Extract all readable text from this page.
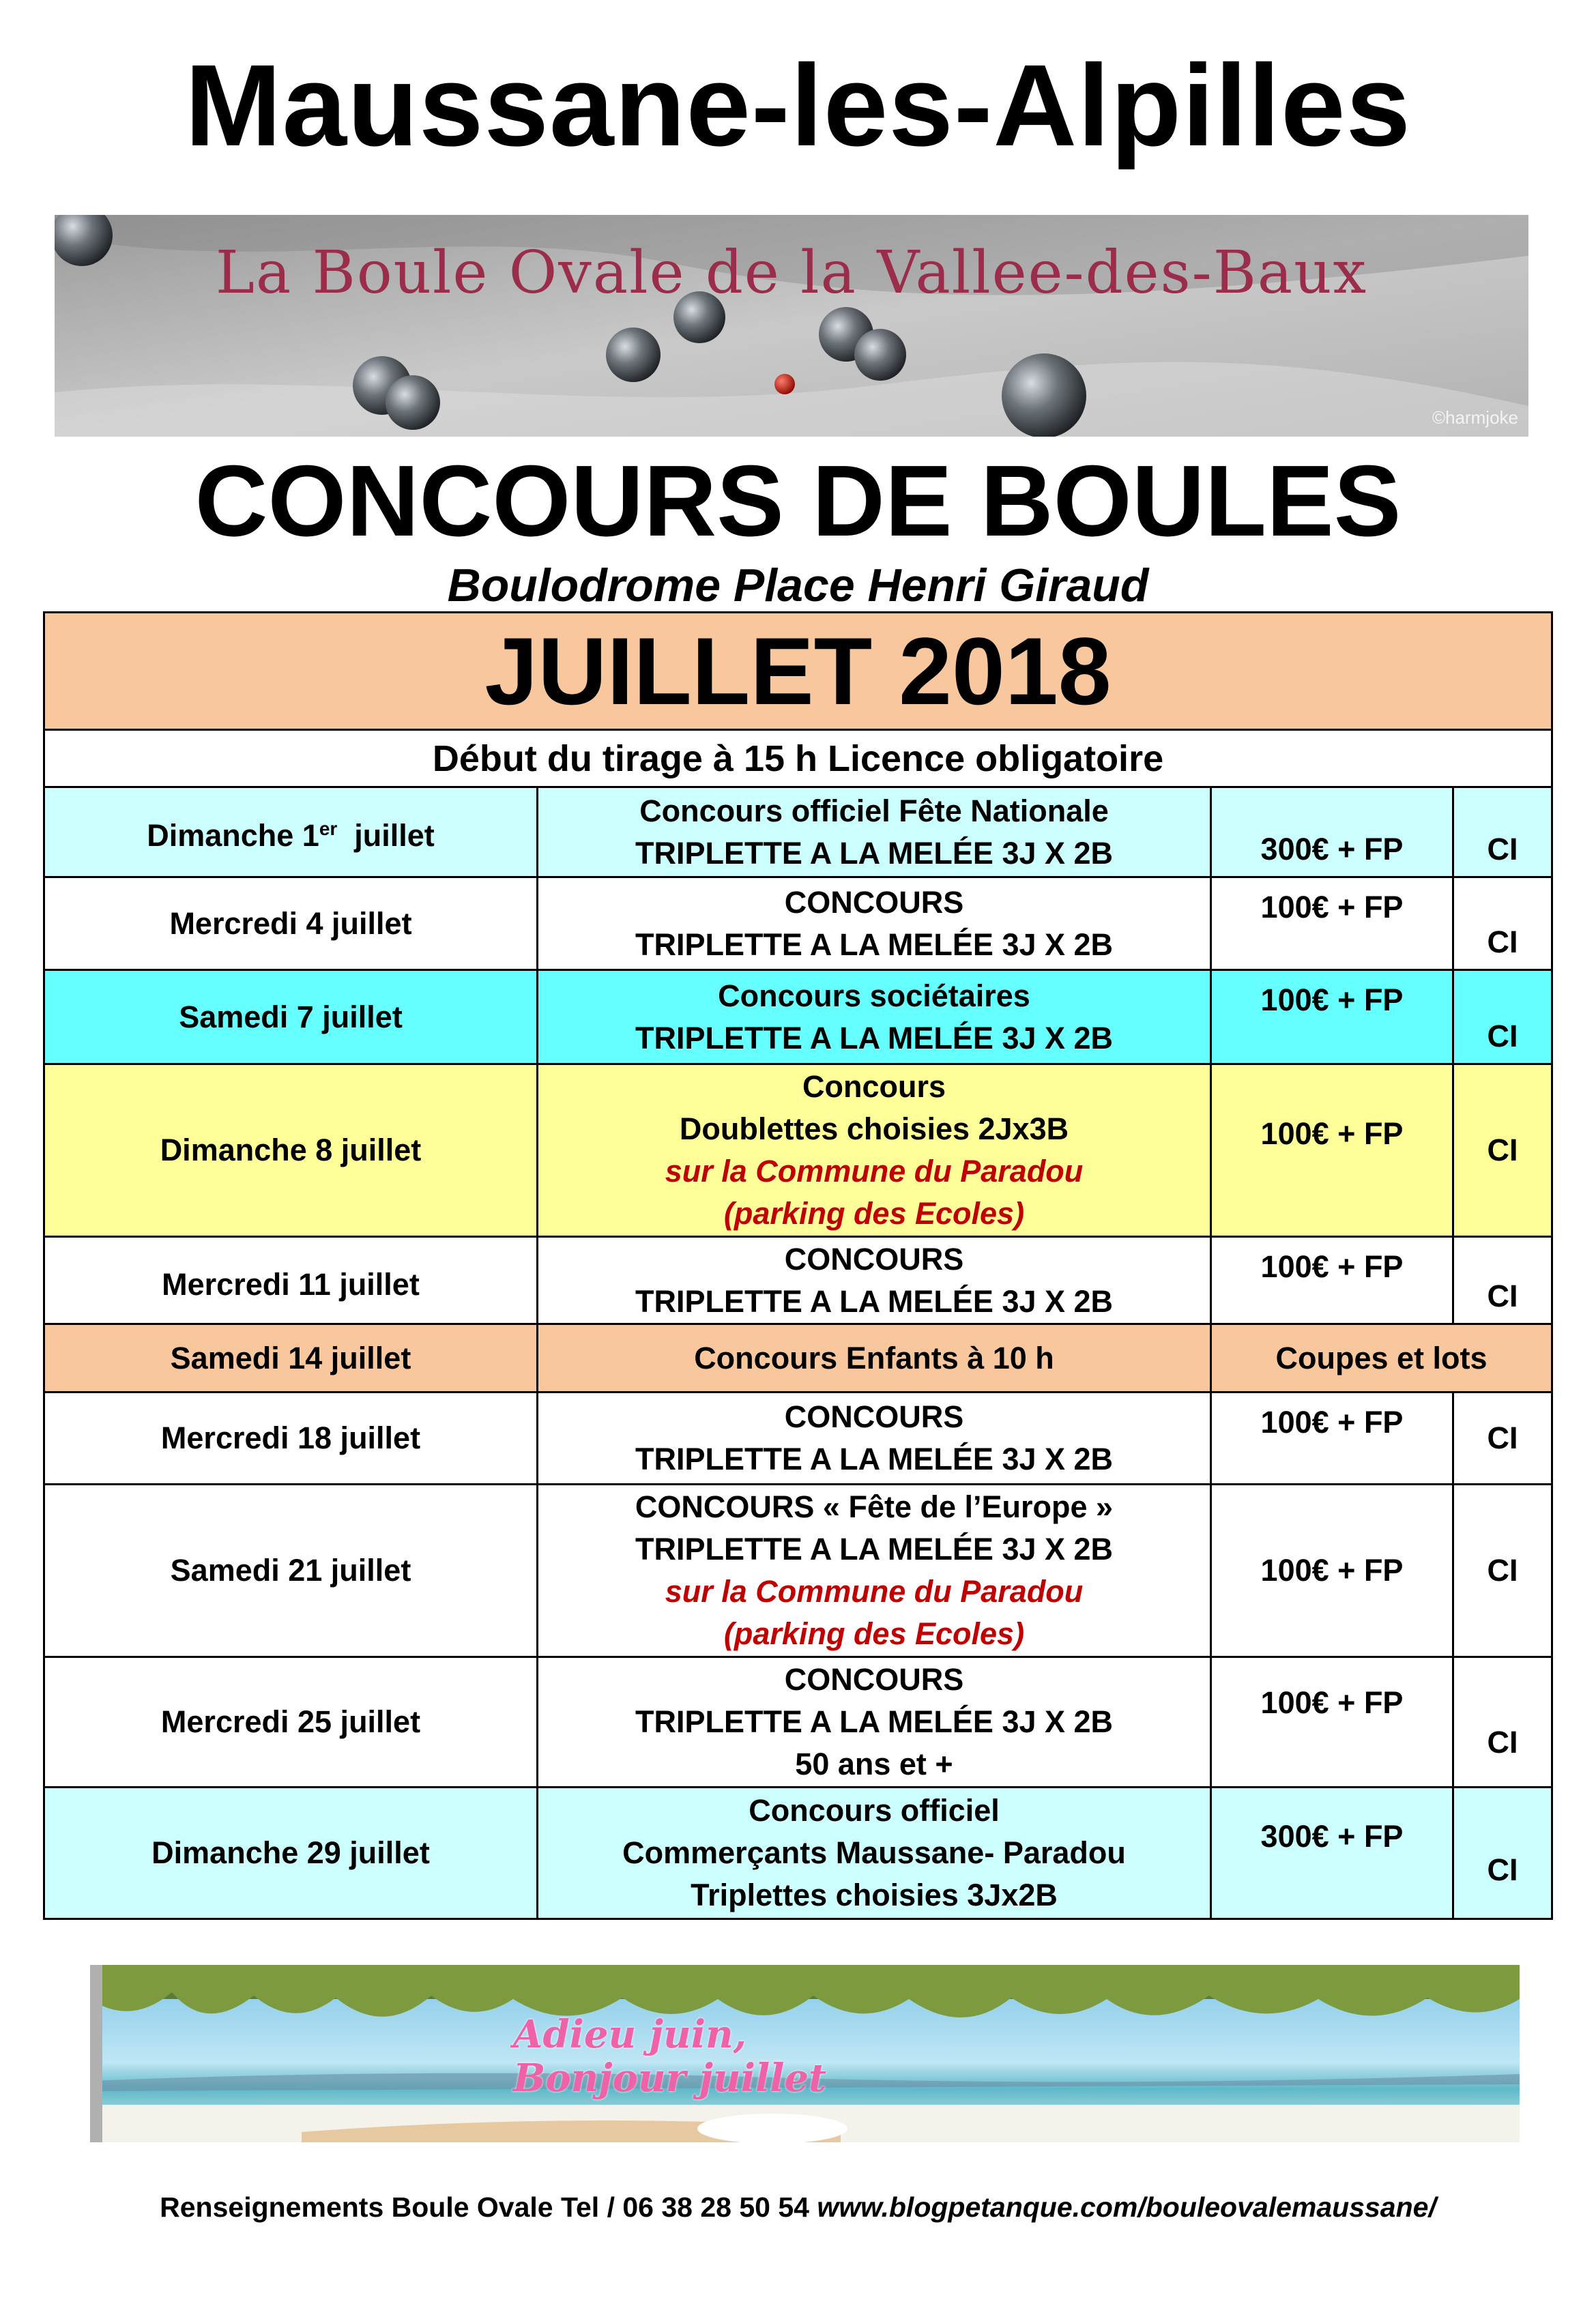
Maussane-les-Alpilles
La Boule Ovale de la Vallee-des-Baux
©harmjoke
CONCOURS DE BOULES
Boulodrome Place Henri Giraud
JUILLET 2018			
Début du tirage à 15 h Licence obligatoire			
Dimanche 1er  juillet	Concours officiel Fête Nationale
TRIPLETTE A LA MELÉE 3J X 2B	300€ + FP	CI
Mercredi 4 juillet	CONCOURS
TRIPLETTE A LA MELÉE 3J X 2B	100€ + FP	CI
Samedi 7 juillet	Concours sociétaires
TRIPLETTE A LA MELÉE 3J X 2B	100€ + FP	CI
Dimanche 8 juillet	Concours
Doublettes choisies 2Jx3B
sur la Commune du Paradou
(parking des Ecoles)	100€ + FP	CI
Mercredi 11 juillet	CONCOURS
TRIPLETTE A LA MELÉE 3J X 2B	100€ + FP	CI
Samedi 14 juillet	Concours Enfants à 10 h	Coupes et lots	
Mercredi 18 juillet	CONCOURS
TRIPLETTE A LA MELÉE 3J X 2B	100€ + FP	CI
Samedi 21 juillet	CONCOURS « Fête de l’Europe »
TRIPLETTE A LA MELÉE 3J X 2B
sur la Commune du Paradou
(parking des Ecoles)	100€ + FP	CI
Mercredi 25 juillet	CONCOURS
TRIPLETTE A LA MELÉE 3J X 2B
50 ans et +	100€ + FP	CI
Dimanche 29 juillet	Concours officiel
Commerçants Maussane- Paradou
Triplettes choisies 3Jx2B	300€ + FP	CI
Adieu juin,
Bonjour juillet
Renseignements Boule Ovale Tel / 06 38 28 50 54 www.blogpetanque.com/bouleovalemaussane/
